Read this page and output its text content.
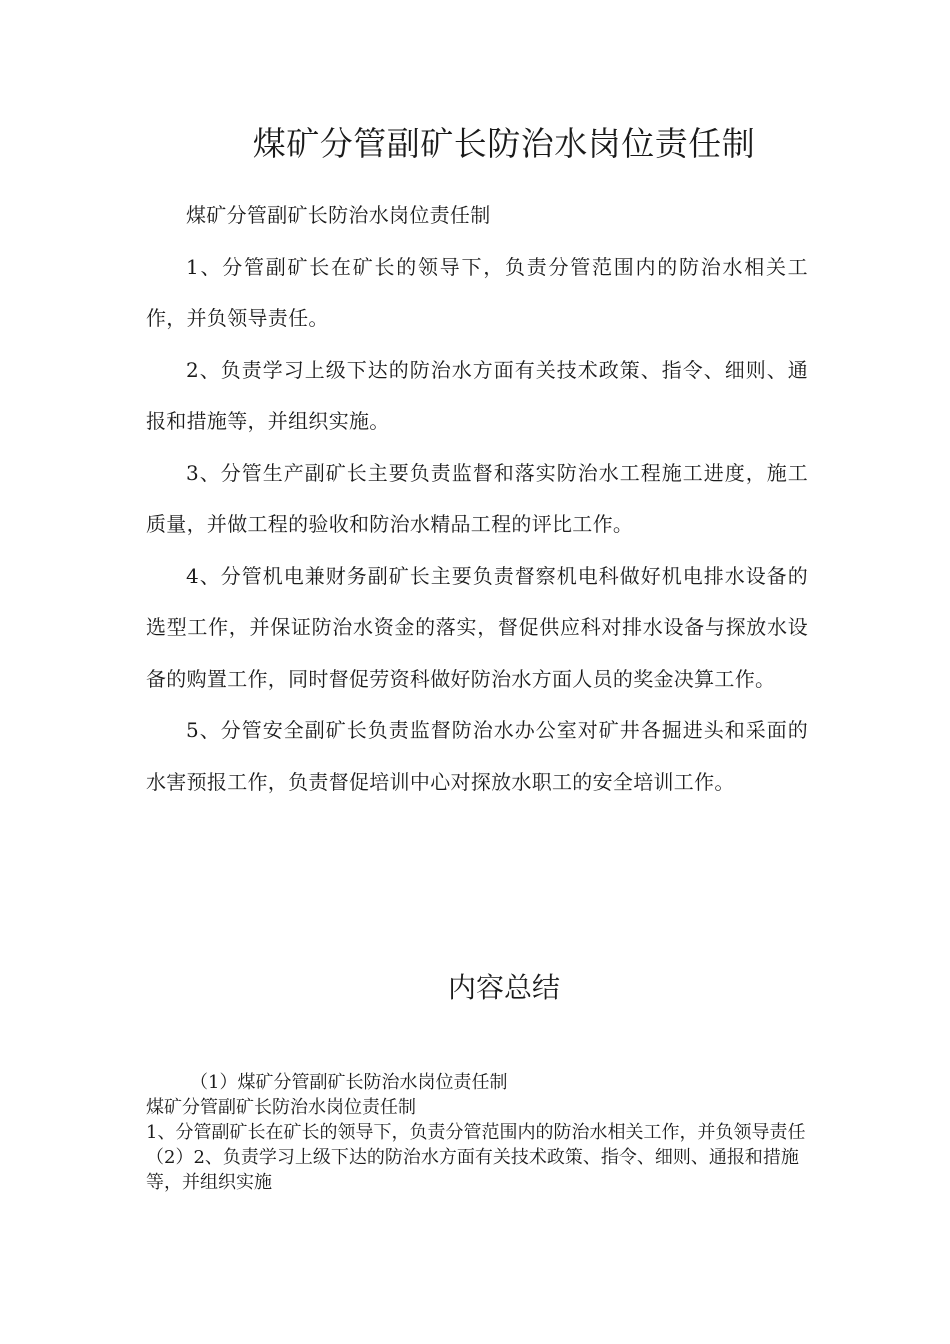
煤矿分管副矿长防治水岗位责任制

煤矿分管副矿长防治水岗位责任制

1、分管副矿长在矿长的领导下，负责分管范围内的防治水相关工作，并负领导责任。

2、负责学习上级下达的防治水方面有关技术政策、指令、细则、通报和措施等，并组织实施。

3、分管生产副矿长主要负责监督和落实防治水工程施工进度，施工质量，并做工程的验收和防治水精品工程的评比工作。

4、分管机电兼财务副矿长主要负责督察机电科做好机电排水设备的选型工作，并保证防治水资金的落实，督促供应科对排水设备与探放水设备的购置工作，同时督促劳资科做好防治水方面人员的奖金决算工作。

5、分管安全副矿长负责监督防治水办公室对矿井各掘进头和采面的水害预报工作，负责督促培训中心对探放水职工的安全培训工作。

内容总结

（1）煤矿分管副矿长防治水岗位责任制

煤矿分管副矿长防治水岗位责任制

1、分管副矿长在矿长的领导下，负责分管范围内的防治水相关工作，并负领导责任

（2）2、负责学习上级下达的防治水方面有关技术政策、指令、细则、通报和措施等，并组织实施
